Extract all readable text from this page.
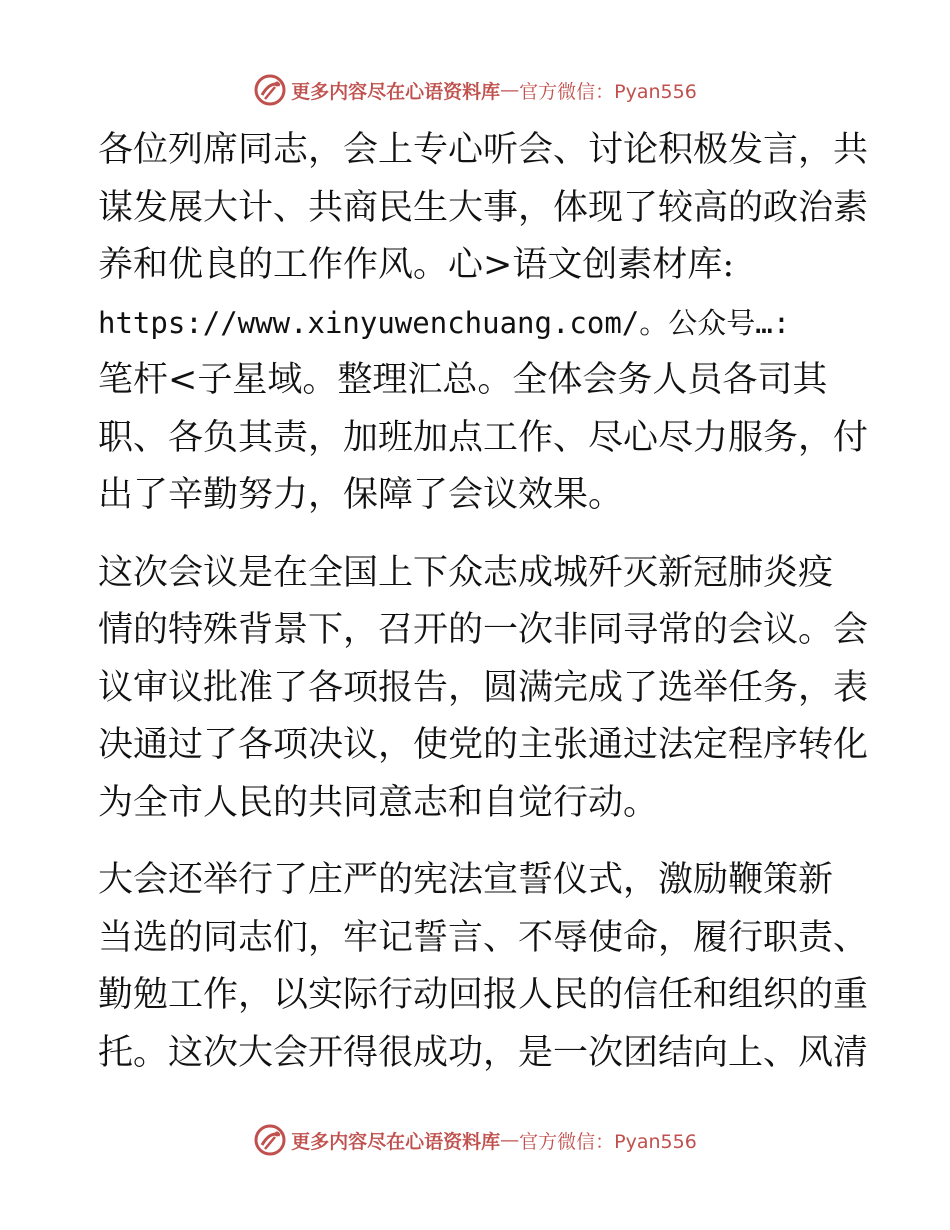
更多内容尽在心语资料库 — 官方微信：Pyan556
各位列席同志，会上专心听会、讨论积极发言，共
谋发展大计、共商民生大事，体现了较高的政治素
养和优良的工作作风。心>语文创素材库:
https://www.xinyuwenchuang.com/。公众号…:
笔杆<子星域。整理汇总。全体会务人员各司其
职、各负其责，加班加点工作、尽心尽力服务，付
出了辛勤努力，保障了会议效果。
这次会议是在全国上下众志成城歼灭新冠肺炎疫
情的特殊背景下，召开的一次非同寻常的会议。会
议审议批准了各项报告，圆满完成了选举任务，表
决通过了各项决议，使党的主张通过法定程序转化
为全市人民的共同意志和自觉行动。
大会还举行了庄严的宪法宣誓仪式，激励鞭策新
当选的同志们，牢记誓言、不辱使命，履行职责、
勤勉工作，以实际行动回报人民的信任和组织的重
托。这次大会开得很成功，是一次团结向上、风清
更多内容尽在心语资料库 — 官方微信：Pyan556
